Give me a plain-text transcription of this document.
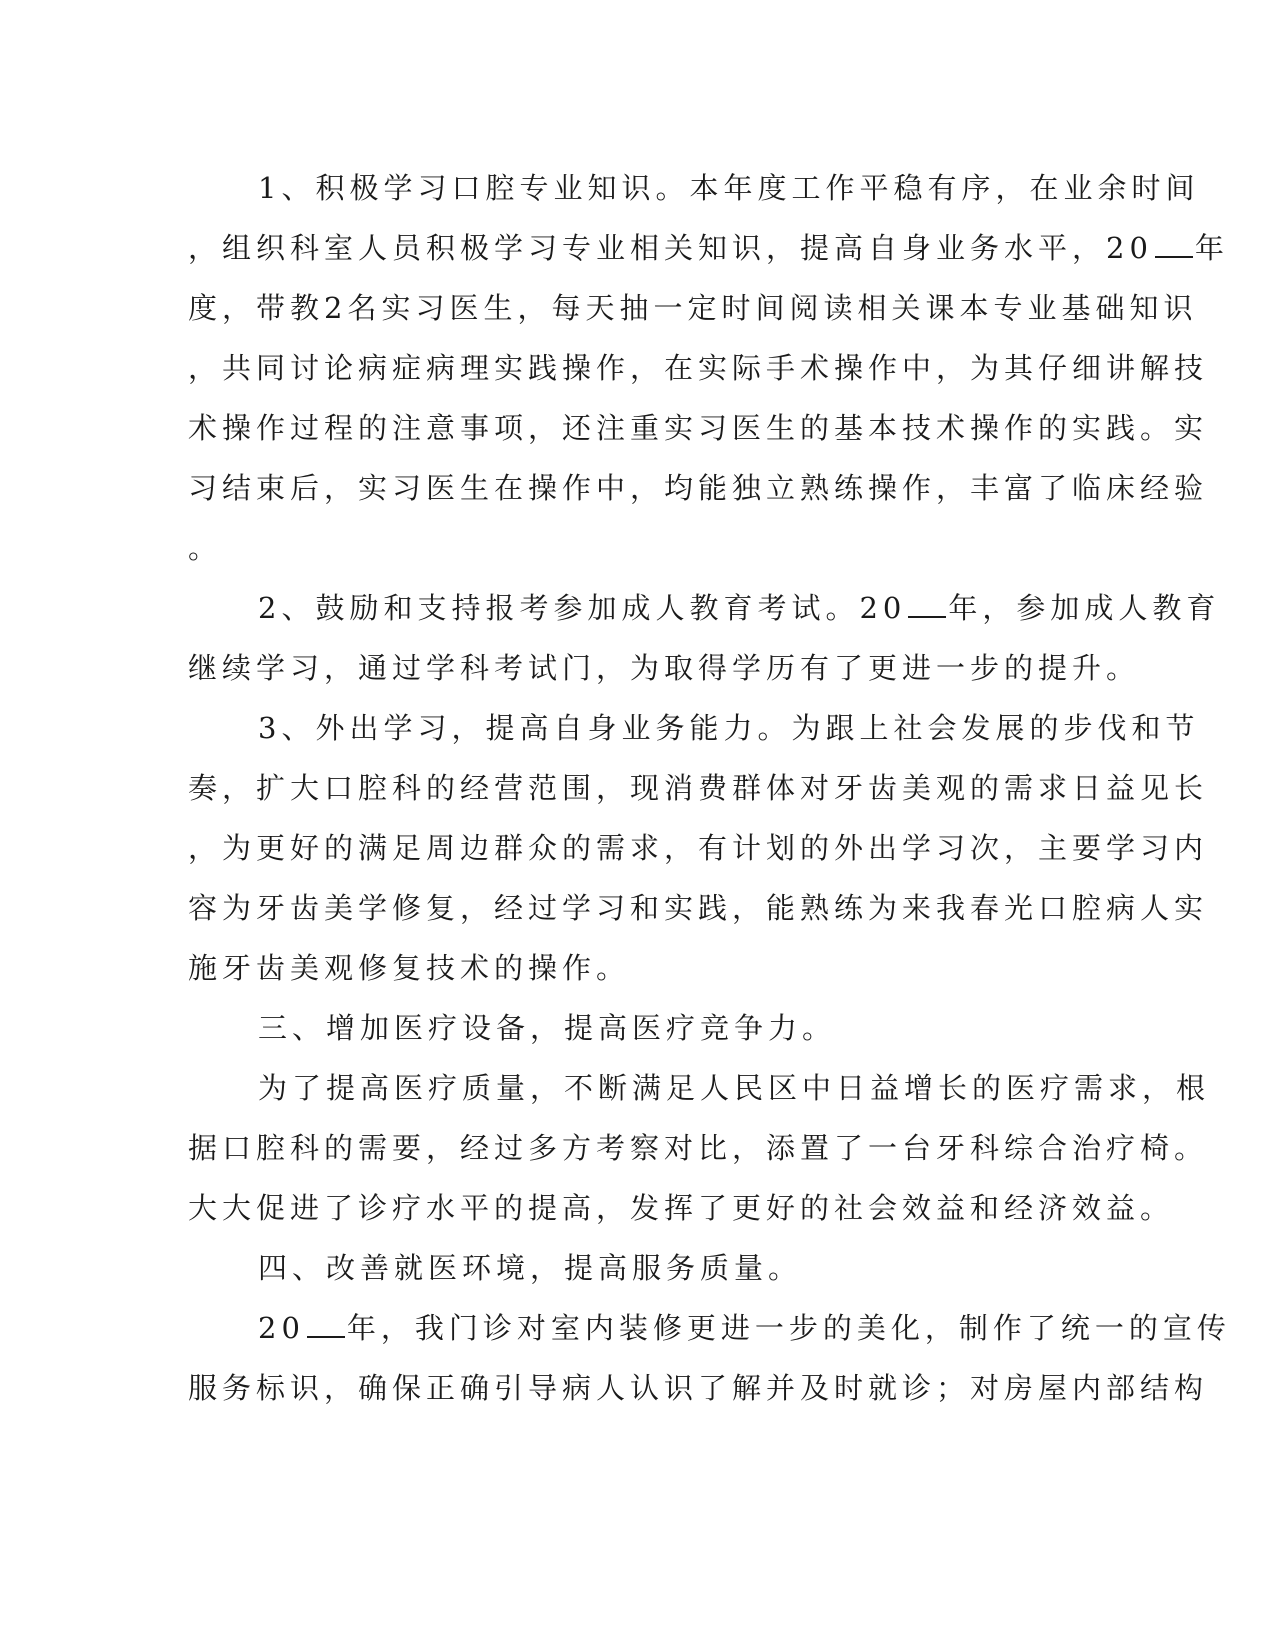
1、积极学习口腔专业知识。本年度工作平稳有序，在业余时间
，组织科室人员积极学习专业相关知识，提高自身业务水平，20 年
度，带教2名实习医生，每天抽一定时间阅读相关课本专业基础知识
，共同讨论病症病理实践操作，在实际手术操作中，为其仔细讲解技
术操作过程的注意事项，还注重实习医生的基本技术操作的实践。实
习结束后，实习医生在操作中，均能独立熟练操作，丰富了临床经验
。
2、鼓励和支持报考参加成人教育考试。20 年，参加成人教育
继续学习，通过学科考试门，为取得学历有了更进一步的提升。
3、外出学习，提高自身业务能力。为跟上社会发展的步伐和节
奏，扩大口腔科的经营范围，现消费群体对牙齿美观的需求日益见长
，为更好的满足周边群众的需求，有计划的外出学习次，主要学习内
容为牙齿美学修复，经过学习和实践，能熟练为来我春光口腔病人实
施牙齿美观修复技术的操作。
三、增加医疗设备，提高医疗竞争力。
为了提高医疗质量，不断满足人民区中日益增长的医疗需求，根
据口腔科的需要，经过多方考察对比，添置了一台牙科综合治疗椅。
大大促进了诊疗水平的提高，发挥了更好的社会效益和经济效益。
四、改善就医环境，提高服务质量。
20 年，我门诊对室内装修更进一步的美化，制作了统一的宣传
服务标识，确保正确引导病人认识了解并及时就诊；对房屋内部结构
